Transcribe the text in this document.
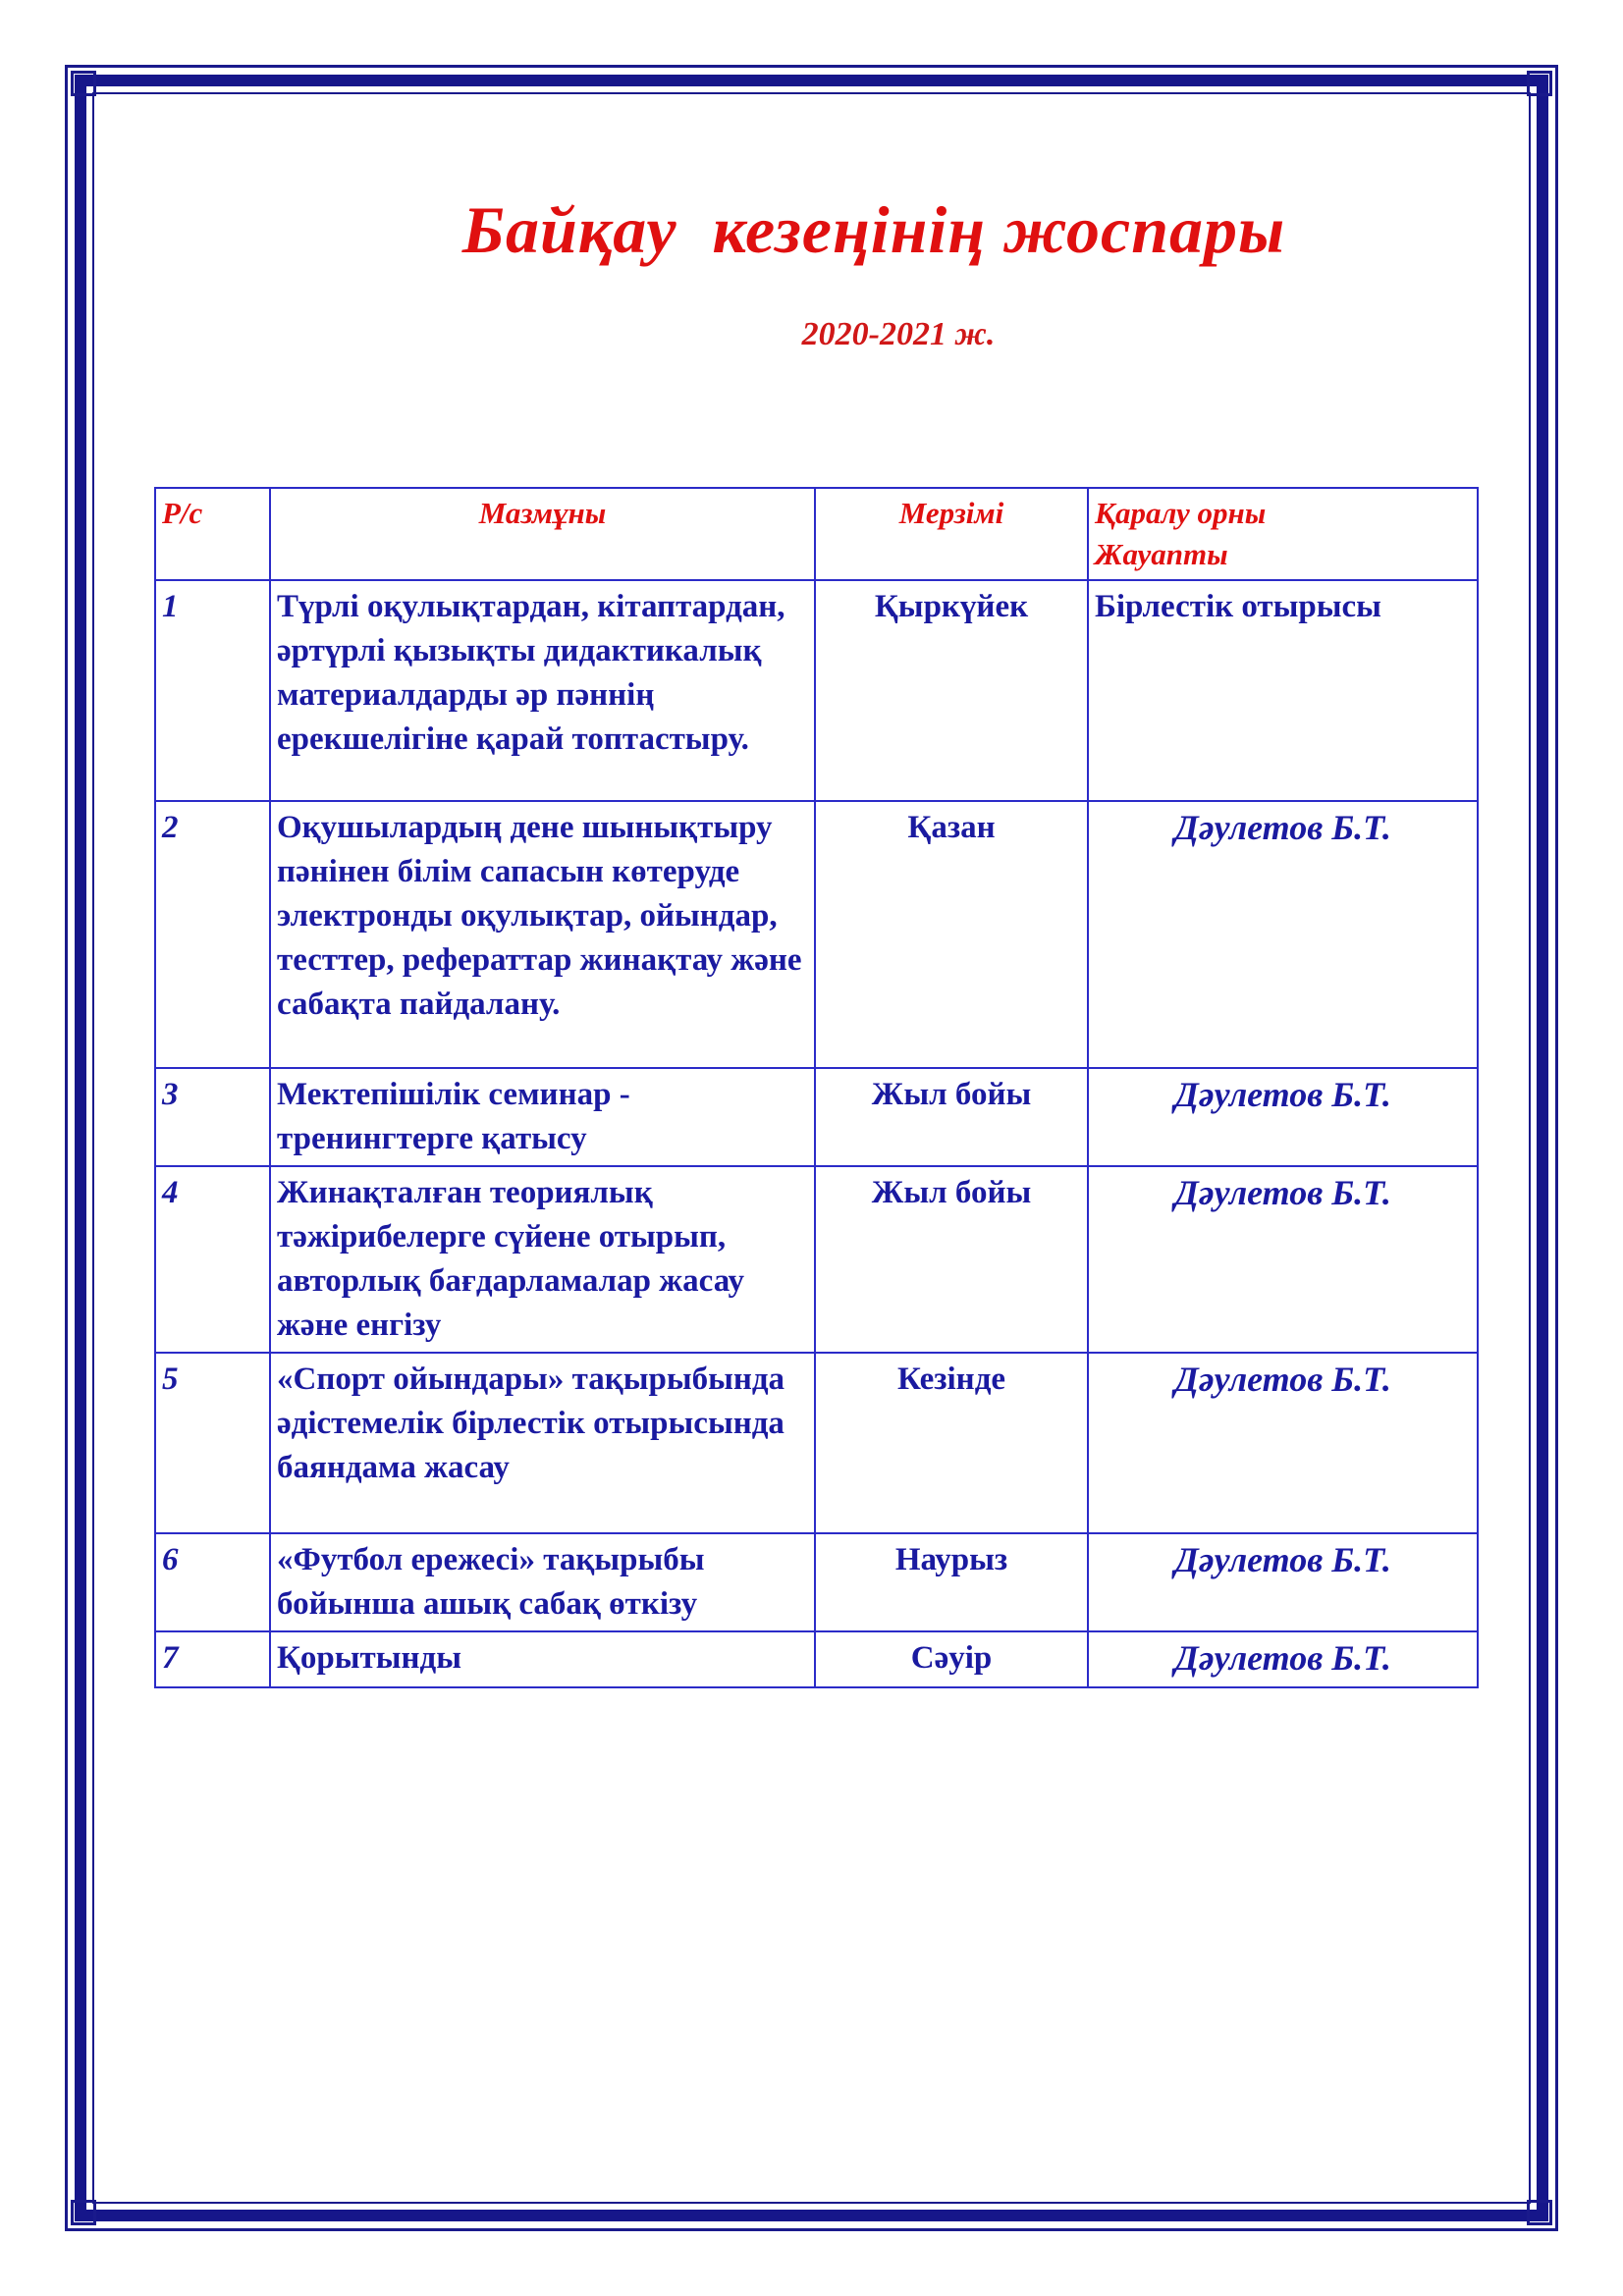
Байқау  кезеңінің жоспары
2020-2021 ж.
Р/с	Мазмұны	Мерзімі	Қаралу орны
Жауапты
1	Түрлі оқулықтардан, кітаптардан, әртүрлі қызықты дидактикалық материалдарды әр пәннің ерекшелігіне қарай топтастыру.	Қыркүйек	Бірлестік отырысы

2	Оқушылардың дене шынықтыру пәнінен білім сапасын көтеруде электронды оқулықтар, ойындар, тесттер, рефераттар жинақтау және сабақта пайдалану.	Қазан	Дәулетов Б.Т.
3	Мектепішілік семинар - тренингтерге қатысу	Жыл бойы	Дәулетов Б.Т.
4	Жинақталған теориялық тәжірибелерге сүйене отырып, авторлық бағдарламалар жасау және енгізу	Жыл бойы	Дәулетов Б.Т.
5	«Спорт ойындары» тақырыбында әдістемелік бірлестік отырысында баяндама жасау	Кезінде	Дәулетов Б.Т.
6	«Футбол ережесі» тақырыбы бойынша ашық сабақ өткізу	Наурыз	Дәулетов Б.Т.
7	Қорытынды	Сәуір	Дәулетов Б.Т.
